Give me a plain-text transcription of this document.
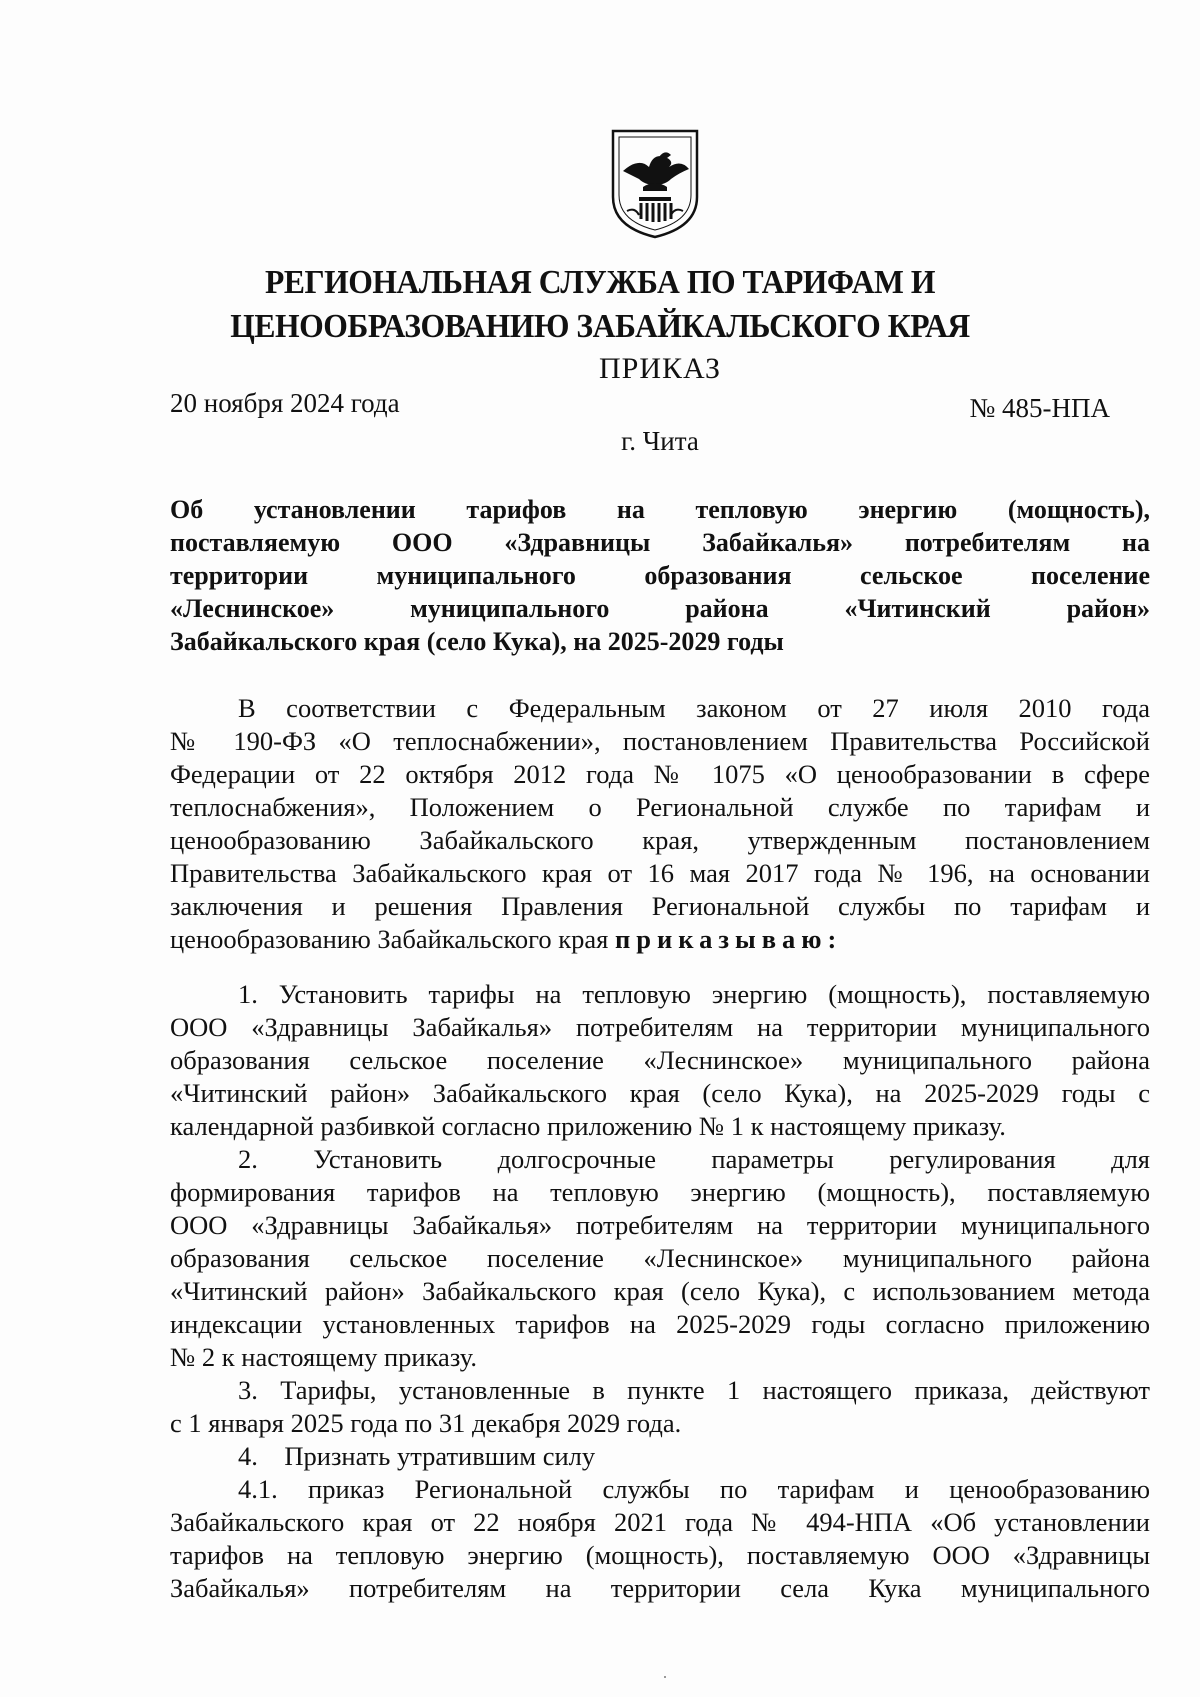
РЕГИОНАЛЬНАЯ СЛУЖБА ПО ТАРИФАМ И
ЦЕНООБРАЗОВАНИЮ ЗАБАЙКАЛЬСКОГО КРАЯ
ПРИКАЗ
20 ноября 2024 года	№ 485-НПА
г. Чита
Об установлении тарифов на тепловую энергию (мощность),
поставляемую ООО «Здравницы Забайкалья» потребителям на
территории муниципального образования сельское поселение
«Леснинское» муниципального района «Читинский район»
Забайкальского края (село Кука), на 2025-2029 годы
В соответствии с Федеральным законом от 27 июля 2010 года
№ 190-ФЗ «О теплоснабжении», постановлением Правительства Российской
Федерации от 22 октября 2012 года № 1075 «О ценообразовании в сфере
теплоснабжения», Положением о Региональной службе по тарифам и
ценообразованию Забайкальского края, утвержденным постановлением
Правительства Забайкальского края от 16 мая 2017 года № 196, на основании
заключения и решения Правления Региональной службы по тарифам и
ценообразованию Забайкальского края приказываю:
1. Установить тарифы на тепловую энергию (мощность), поставляемую
ООО «Здравницы Забайкалья» потребителям на территории муниципального
образования сельское поселение «Леснинское» муниципального района
«Читинский район» Забайкальского края (село Кука), на 2025-2029 годы с
календарной разбивкой согласно приложению № 1 к настоящему приказу.
2. Установить долгосрочные параметры регулирования для
формирования тарифов на тепловую энергию (мощность), поставляемую
ООО «Здравницы Забайкалья» потребителям на территории муниципального
образования сельское поселение «Леснинское» муниципального района
«Читинский район» Забайкальского края (село Кука), с использованием метода
индексации установленных тарифов на 2025-2029 годы согласно приложению
№ 2 к настоящему приказу.
3. Тарифы, установленные в пункте 1 настоящего приказа, действуют
с 1 января 2025 года по 31 декабря 2029 года.
4.    Признать утратившим силу
4.1. приказ Региональной службы по тарифам и ценообразованию
Забайкальского края от 22 ноября 2021 года № 494-НПА «Об установлении
тарифов на тепловую энергию (мощность), поставляемую ООО «Здравницы
Забайкалья» потребителям на территории села Кука муниципального
